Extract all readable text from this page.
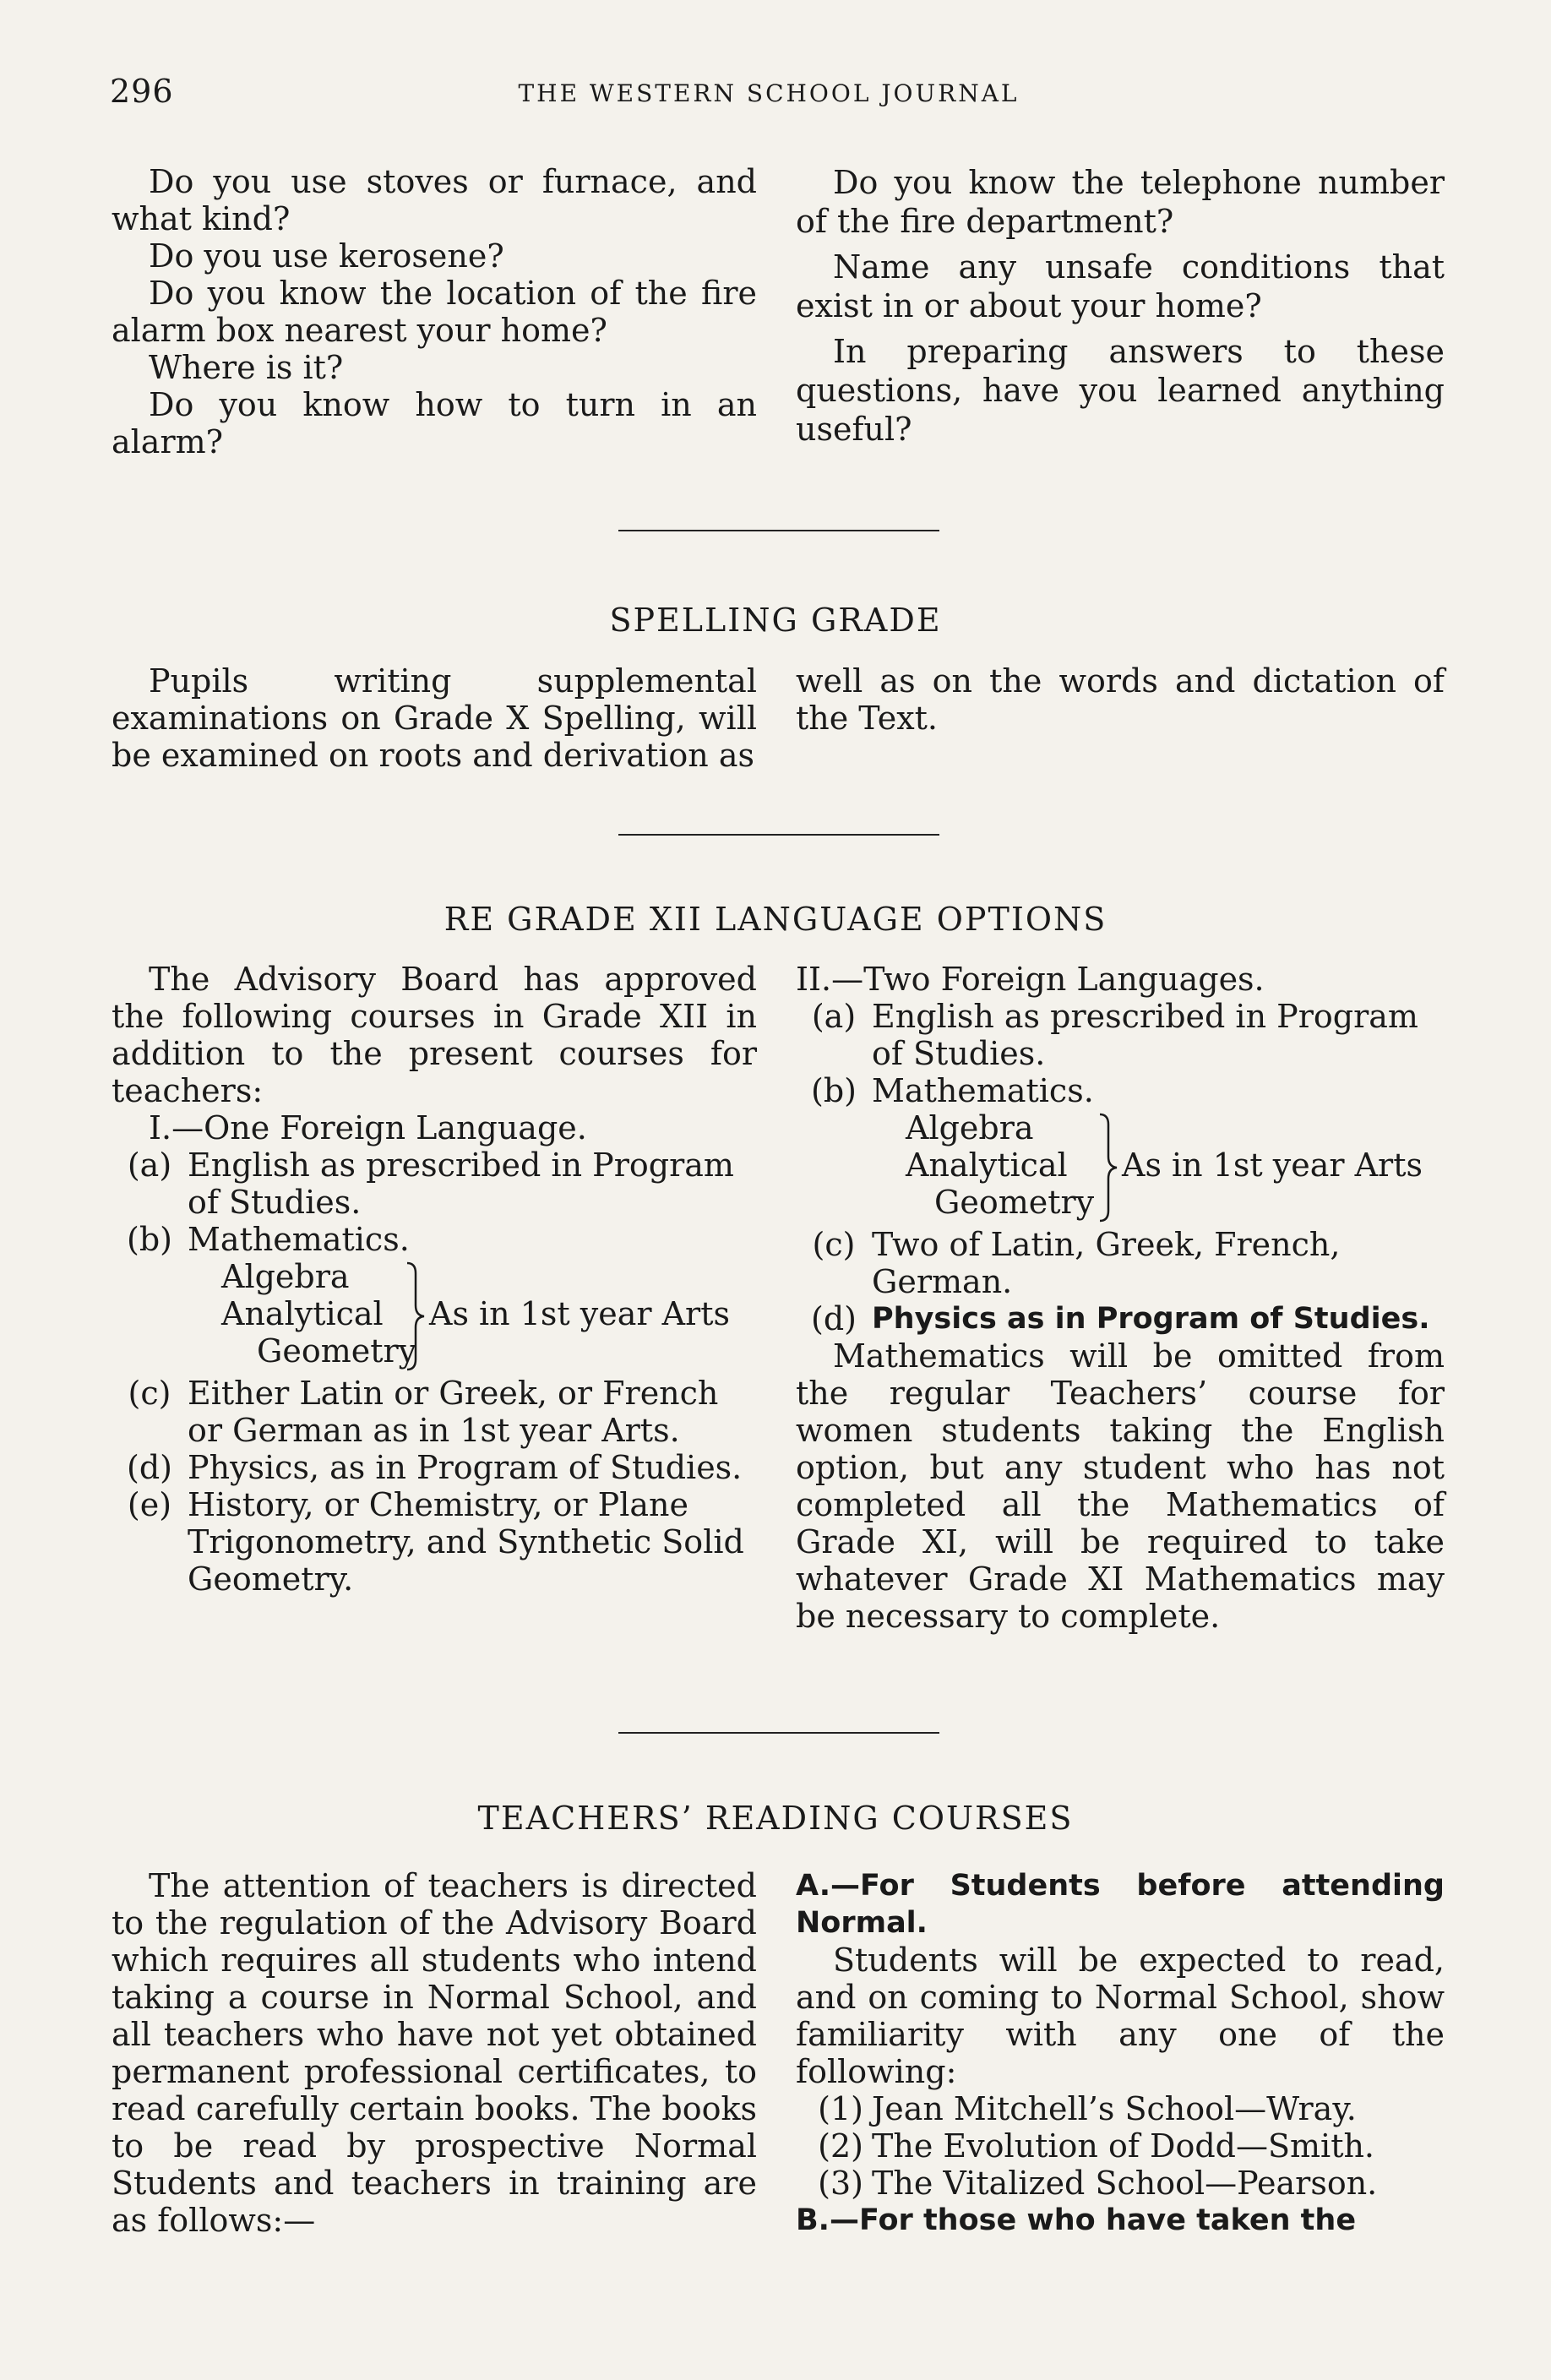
296	THE WESTERN SCHOOL JOURNAL

Do you use stoves or furnace, and what kind?

Do you use kerosene?

Do you know the location of the fire alarm box nearest your home?

Where is it?

Do you know how to turn in an alarm?

Do you know the telephone number of the fire department?

Name any unsafe conditions that exist in or about your home?

In preparing answers to these questions, have you learned anything useful?

SPELLING GRADE

Pupils writing supplemental examinations on Grade X Spelling, will be examined on roots and derivation as

well as on the words and dictation of the Text.

RE GRADE XII LANGUAGE OPTIONS

The Advisory Board has approved the following courses in Grade XII in addition to the present courses for teachers:

I.—One Foreign Language.

(a) English as prescribed in Program of Studies.
(b) Mathematics.
Algebra
Analytical
Geometry
As in 1st year Arts
(c) Either Latin or Greek, or French or German as in 1st year Arts.
(d) Physics, as in Program of Studies.
(e) History, or Chemistry, or Plane Trigonometry, and Synthetic Solid Geometry.

II.—Two Foreign Languages.

(a) English as prescribed in Program of Studies.
(b) Mathematics.
Algebra
Analytical
Geometry
As in 1st year Arts
(c) Two of Latin, Greek, French, German.
(d) Physics as in Program of Studies.

Mathematics will be omitted from the regular Teachers’ course for women students taking the English option, but any student who has not completed all the Mathematics of Grade XI, will be required to take whatever Grade XI Mathematics may be necessary to complete.

TEACHERS’ READING COURSES

The attention of teachers is directed to the regulation of the Advisory Board which requires all students who intend taking a course in Normal School, and all teachers who have not yet obtained permanent professional certificates, to read carefully certain books. The books to be read by prospective Normal Students and teachers in training are as follows:—

A.—For Students before attending Normal.

Students will be expected to read, and on coming to Normal School, show familiarity with any one of the following:

(1) Jean Mitchell’s School—Wray.
(2) The Evolution of Dodd—Smith.
(3) The Vitalized School—Pearson.

B.—For those who have taken the
